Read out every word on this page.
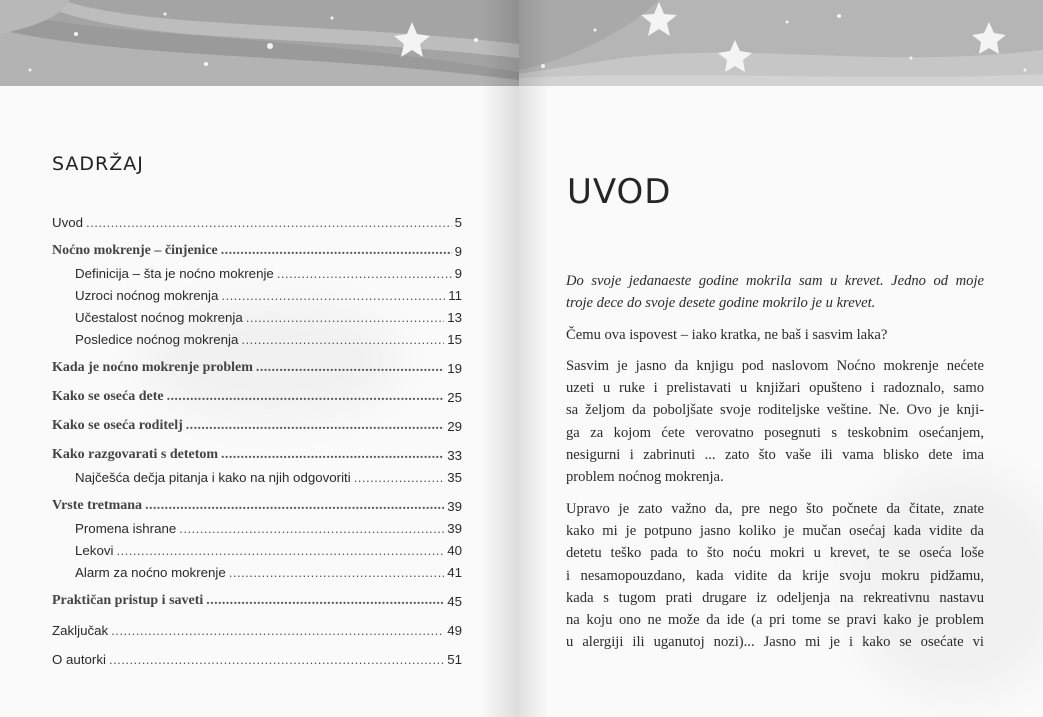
SADRŽAJ
Uvod .....	5
Noćno mokrenje – činjenice .....	9
Definicija – šta je noćno mokrenje .....	9
Uzroci noćnog mokrenja .....	11
Učestalost noćnog mokrenja .....	13
Posledice noćnog mokrenja .....	15
Kada je noćno mokrenje problem .....	19
Kako se oseća dete .....	25
Kako se oseća roditelj .....	29
Kako razgovarati s detetom .....	33
Najčešća dečja pitanja i kako na njih odgovoriti .....	35
Vrste tretmana .....	39
Promena ishrane .....	39
Lekovi .....	40
Alarm za noćno mokrenje .....	41
Praktičan pristup i saveti .....	45
Zaključak .....	49
O autorki .....	51
UVOD

Do svoje jedanaeste godine mokrila sam u krevet. Jedno od moje
troje dece do svoje desete godine mokrilo je u krevet.

Čemu ova ispovest – iako kratka, ne baš i sasvim laka?

Sasvim je jasno da knjigu pod naslovom Noćno mokrenje nećete
uzeti u ruke i prelistavati u knjižari opušteno i radoznalo, samo
sa željom da poboljšate svoje roditeljske veštine. Ne. Ovo je knji-
ga za kojom ćete verovatno posegnuti s teskobnim osećanjem,
nesigurni i zabrinuti ... zato što vaše ili vama blisko dete ima
problem noćnog mokrenja.

Upravo je zato važno da, pre nego što počnete da čitate, znate
kako mi je potpuno jasno koliko je mučan osećaj kada vidite da
detetu teško pada to što noću mokri u krevet, te se oseća loše
i nesamopouzdano, kada vidite da krije svoju mokru pidžamu,
kada s tugom prati drugare iz odeljenja na rekreativnu nastavu
na koju ono ne može da ide (a pri tome se pravi kako je problem
u alergiji ili uganutoj nozi)... Jasno mi je i kako se osećate vi
